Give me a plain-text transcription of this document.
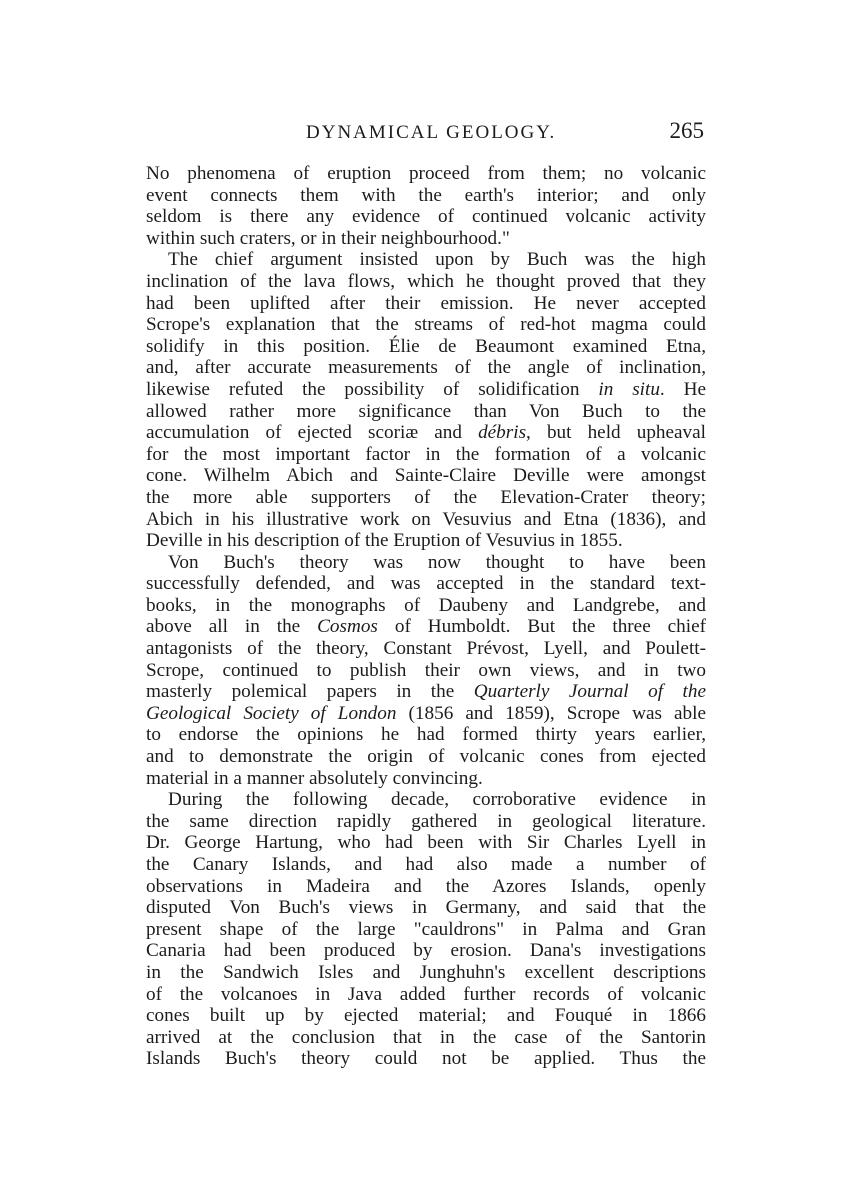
DYNAMICAL GEOLOGY.	265
No phenomena of eruption proceed from them; no volcanic
event connects them with the earth's interior; and only
seldom is there any evidence of continued volcanic activity
within such craters, or in their neighbourhood."
The chief argument insisted upon by Buch was the high
inclination of the lava flows, which he thought proved that they
had been uplifted after their emission. He never accepted
Scrope's explanation that the streams of red-hot magma could
solidify in this position. Élie de Beaumont examined Etna,
and, after accurate measurements of the angle of inclination,
likewise refuted the possibility of solidification in situ. He
allowed rather more significance than Von Buch to the
accumulation of ejected scoriæ and débris, but held upheaval
for the most important factor in the formation of a volcanic
cone. Wilhelm Abich and Sainte-Claire Deville were amongst
the more able supporters of the Elevation-Crater theory;
Abich in his illustrative work on Vesuvius and Etna (1836), and
Deville in his description of the Eruption of Vesuvius in 1855.
Von Buch's theory was now thought to have been
successfully defended, and was accepted in the standard text-
books, in the monographs of Daubeny and Landgrebe, and
above all in the Cosmos of Humboldt. But the three chief
antagonists of the theory, Constant Prévost, Lyell, and Poulett-
Scrope, continued to publish their own views, and in two
masterly polemical papers in the Quarterly Journal of the
Geological Society of London (1856 and 1859), Scrope was able
to endorse the opinions he had formed thirty years earlier,
and to demonstrate the origin of volcanic cones from ejected
material in a manner absolutely convincing.
During the following decade, corroborative evidence in
the same direction rapidly gathered in geological literature.
Dr. George Hartung, who had been with Sir Charles Lyell in
the Canary Islands, and had also made a number of
observations in Madeira and the Azores Islands, openly
disputed Von Buch's views in Germany, and said that the
present shape of the large "cauldrons" in Palma and Gran
Canaria had been produced by erosion. Dana's investigations
in the Sandwich Isles and Junghuhn's excellent descriptions
of the volcanoes in Java added further records of volcanic
cones built up by ejected material; and Fouqué in 1866
arrived at the conclusion that in the case of the Santorin
Islands Buch's theory could not be applied. Thus the
